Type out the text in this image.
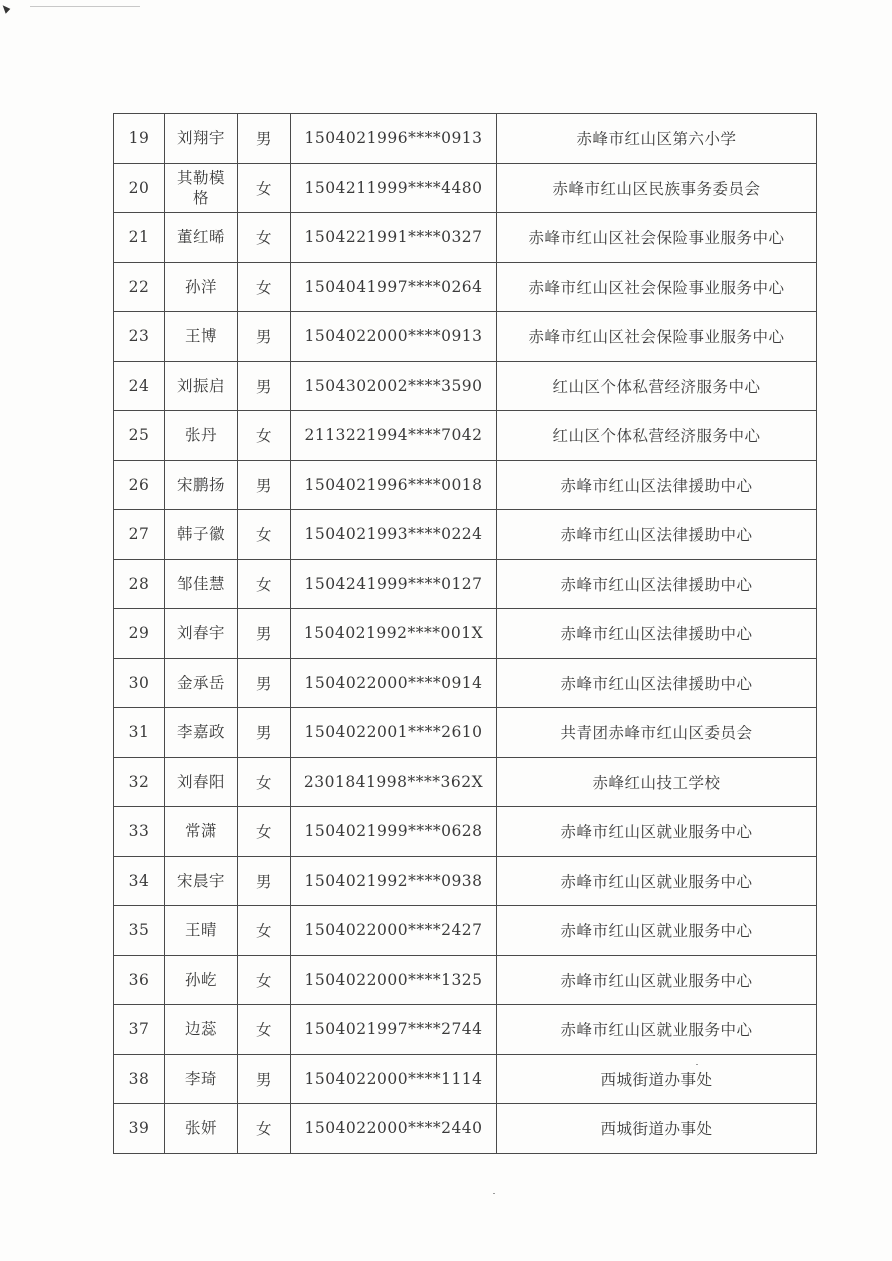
19	刘翔宇	男	1504021996****0913	赤峰市红山区第六小学
20	其勒模格	女	1504211999****4480	赤峰市红山区民族事务委员会
21	董红晞	女	1504221991****0327	赤峰市红山区社会保险事业服务中心
22	孙洋	女	1504041997****0264	赤峰市红山区社会保险事业服务中心
23	王博	男	1504022000****0913	赤峰市红山区社会保险事业服务中心
24	刘振启	男	1504302002****3590	红山区个体私营经济服务中心
25	张丹	女	2113221994****7042	红山区个体私营经济服务中心
26	宋鹏扬	男	1504021996****0018	赤峰市红山区法律援助中心
27	韩子徽	女	1504021993****0224	赤峰市红山区法律援助中心
28	邹佳慧	女	1504241999****0127	赤峰市红山区法律援助中心
29	刘春宇	男	1504021992****001X	赤峰市红山区法律援助中心
30	金承岳	男	1504022000****0914	赤峰市红山区法律援助中心
31	李嘉政	男	1504022001****2610	共青团赤峰市红山区委员会
32	刘春阳	女	2301841998****362X	赤峰红山技工学校
33	常潇	女	1504021999****0628	赤峰市红山区就业服务中心
34	宋晨宇	男	1504021992****0938	赤峰市红山区就业服务中心
35	王晴	女	1504022000****2427	赤峰市红山区就业服务中心
36	孙屹	女	1504022000****1325	赤峰市红山区就业服务中心
37	边蕊	女	1504021997****2744	赤峰市红山区就业服务中心
38	李琦	男	1504022000****1114	西城街道办事处
39	张妍	女	1504022000****2440	西城街道办事处
